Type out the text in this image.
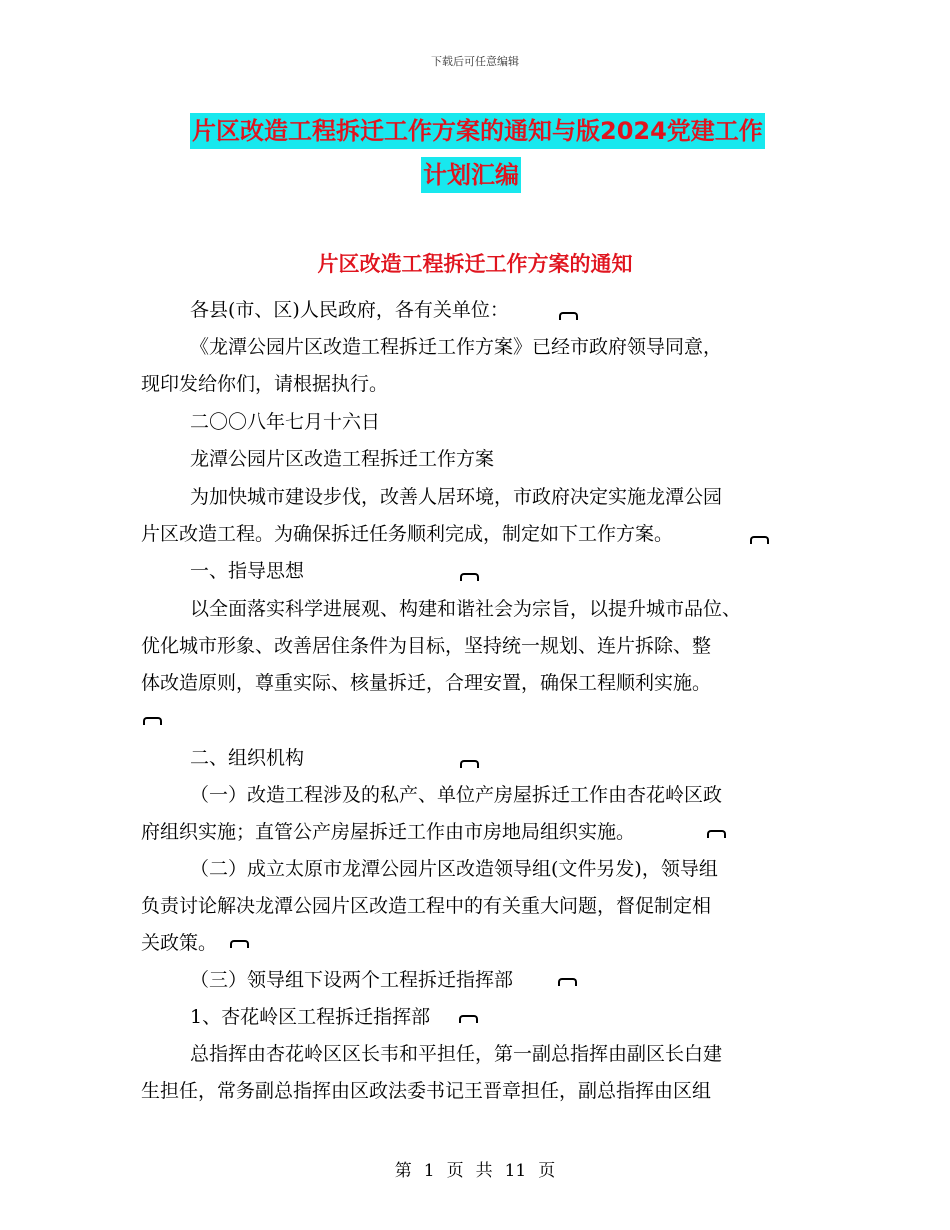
下载后可任意编辑
片区改造工程拆迁工作方案的通知与版2024党建工作
计划汇编
片区改造工程拆迁工作方案的通知
各县(市、区)人民政府，各有关单位：
《龙潭公园片区改造工程拆迁工作方案》已经市政府领导同意，
现印发给你们，请根据执行。
二〇〇八年七月十六日
龙潭公园片区改造工程拆迁工作方案
为加快城市建设步伐，改善人居环境，市政府决定实施龙潭公园
片区改造工程。为确保拆迁任务顺利完成，制定如下工作方案。
一、指导思想
以全面落实科学进展观、构建和谐社会为宗旨，以提升城市品位、
优化城市形象、改善居住条件为目标，坚持统一规划、连片拆除、整
体改造原则，尊重实际、核量拆迁，合理安置，确保工程顺利实施。
二、组织机构
（一）改造工程涉及的私产、单位产房屋拆迁工作由杏花岭区政
府组织实施；直管公产房屋拆迁工作由市房地局组织实施。
（二）成立太原市龙潭公园片区改造领导组(文件另发)，领导组
负责讨论解决龙潭公园片区改造工程中的有关重大问题，督促制定相
关政策。
（三）领导组下设两个工程拆迁指挥部
1、杏花岭区工程拆迁指挥部
总指挥由杏花岭区区长韦和平担任，第一副总指挥由副区长白建
生担任，常务副总指挥由区政法委书记王晋章担任，副总指挥由区组
第 1 页 共 11 页
